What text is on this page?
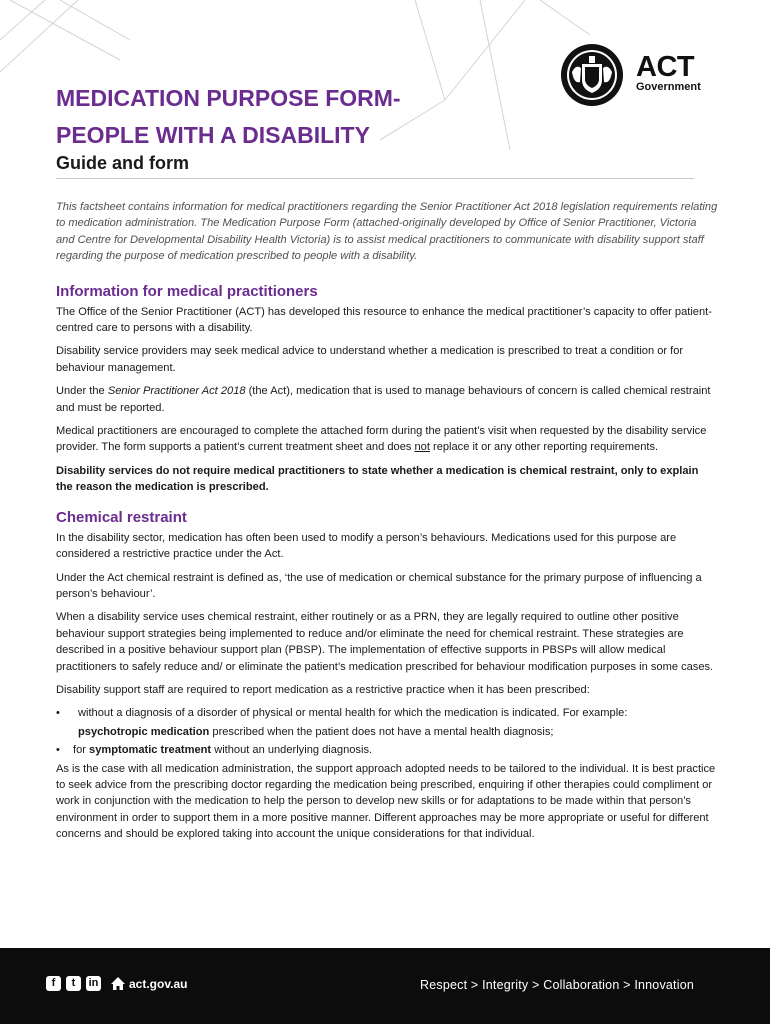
ACT
Government
MEDICATION PURPOSE FORM-
PEOPLE WITH A DISABILITY
Guide and form

This factsheet contains information for medical practitioners regarding the Senior Practitioner Act 2018 legislation requirements relating to medication administration. The Medication Purpose Form (attached-originally developed by Office of Senior Practitioner, Victoria and Centre for Developmental Disability Health Victoria) is to assist medical practitioners to communicate with disability support staff regarding the purpose of medication prescribed to people with a disability.

Information for medical practitioners

The Office of the Senior Practitioner (ACT) has developed this resource to enhance the medical practitioner’s capacity to offer patient-centred care to persons with a disability.

Disability service providers may seek medical advice to understand whether a medication is prescribed to treat a condition or for behaviour management.

Under the Senior Practitioner Act 2018 (the Act), medication that is used to manage behaviours of concern is called chemical restraint and must be reported.

Medical practitioners are encouraged to complete the attached form during the patient’s visit when requested by the disability service provider. The form supports a patient’s current treatment sheet and does not replace it or any other reporting requirements.

Disability services do not require medical practitioners to state whether a medication is chemical restraint, only to explain the reason the medication is prescribed.

Chemical restraint

In the disability sector, medication has often been used to modify a person’s behaviours. Medications used for this purpose are considered a restrictive practice under the Act.

Under the Act chemical restraint is defined as, ‘the use of medication or chemical substance for the primary purpose of influencing a person’s behaviour’.

When a disability service uses chemical restraint, either routinely or as a PRN, they are legally required to outline other positive behaviour support strategies being implemented to reduce and/or eliminate the need for chemical restraint. These strategies are described in a positive behaviour support plan (PBSP). The implementation of effective supports in PBSPs will allow medical practitioners to safely reduce and/ or eliminate the patient’s medication prescribed for behaviour modification purposes in some cases.

Disability support staff are required to report medication as a restrictive practice when it has been prescribed:

• without a diagnosis of a disorder of physical or mental health for which the medication is indicated. For example:
psychotropic medication prescribed when the patient does not have a mental health diagnosis;
• for symptomatic treatment without an underlying diagnosis.

As is the case with all medication administration, the support approach adopted needs to be tailored to the individual. It is best practice to seek advice from the prescribing doctor regarding the medication being prescribed, enquiring if other therapies could compliment or work in conjunction with the medication to help the person to develop new skills or for adaptations to be made within that person’s environment in order to support them in a more positive manner. Different approaches may be more appropriate or useful for different concerns and should be explored taking into account the unique considerations for that individual.

f	t	in	act.gov.au	Respect > Integrity > Collaboration > Innovation
